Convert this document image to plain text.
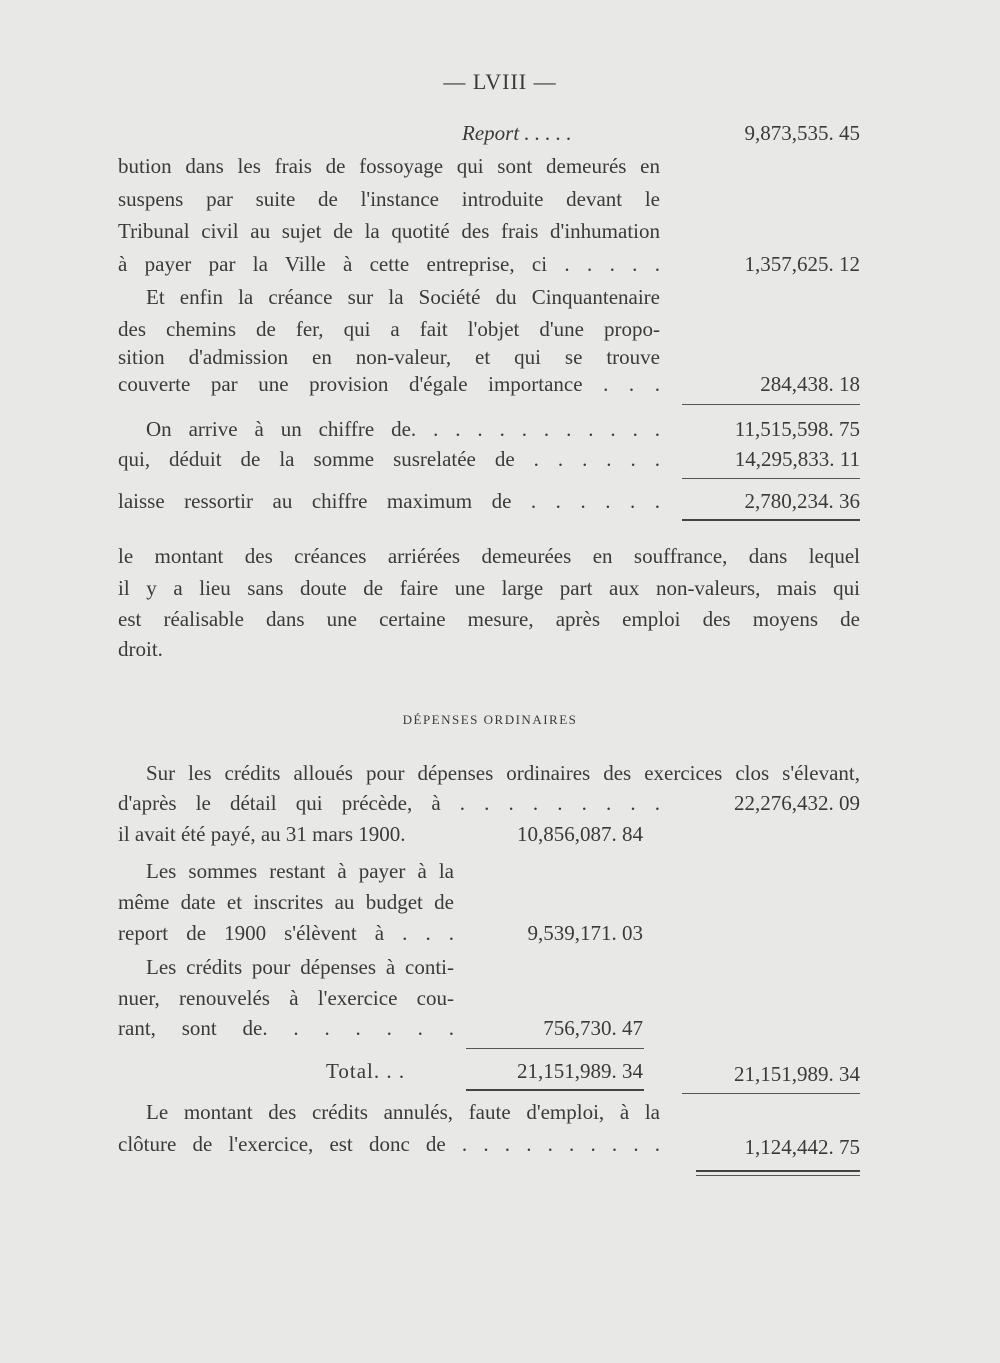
— LVIII —
Report . . . . .	9,873,535. 45
bution dans les frais de fossoyage qui sont demeurés en
suspens par suite de l'instance introduite devant le
Tribunal civil au sujet de la quotité des frais d'inhumation
à payer par la Ville à cette entreprise, ci . . . . .	1,357,625. 12
Et enfin la créance sur la Société du Cinquantenaire
des chemins de fer, qui a fait l'objet d'une propo-
sition d'admission en non-valeur, et qui se trouve
couverte par une provision d'égale importance . . .	284,438. 18
On arrive à un chiffre de. . . . . . . . . . . .	11,515,598. 75
qui, déduit de la somme susrelatée de . . . . . .	14,295,833. 11
laisse ressortir au chiffre maximum de . . . . . .	2,780,234. 36
le montant des créances arriérées demeurées en souffrance, dans lequel
il y a lieu sans doute de faire une large part aux non-valeurs, mais qui
est réalisable dans une certaine mesure, après emploi des moyens de
droit.
DÉPENSES ORDINAIRES
Sur les crédits alloués pour dépenses ordinaires des exercices clos s'élevant,
d'après le détail qui précède, à . . . . . . . . .	22,276,432. 09
il avait été payé, au 31 mars 1900.	10,856,087. 84
Les sommes restant à payer à la
même date et inscrites au budget de
report de 1900 s'élèvent à . . .	9,539,171. 03
Les crédits pour dépenses à conti-
nuer, renouvelés à l'exercice cou-
rant, sont de. . . . . . .	756,730. 47
Total. . .	21,151,989. 34	21,151,989. 34
Le montant des crédits annulés, faute d'emploi, à la
clôture de l'exercice, est donc de . . . . . . . . . .	1,124,442. 75
